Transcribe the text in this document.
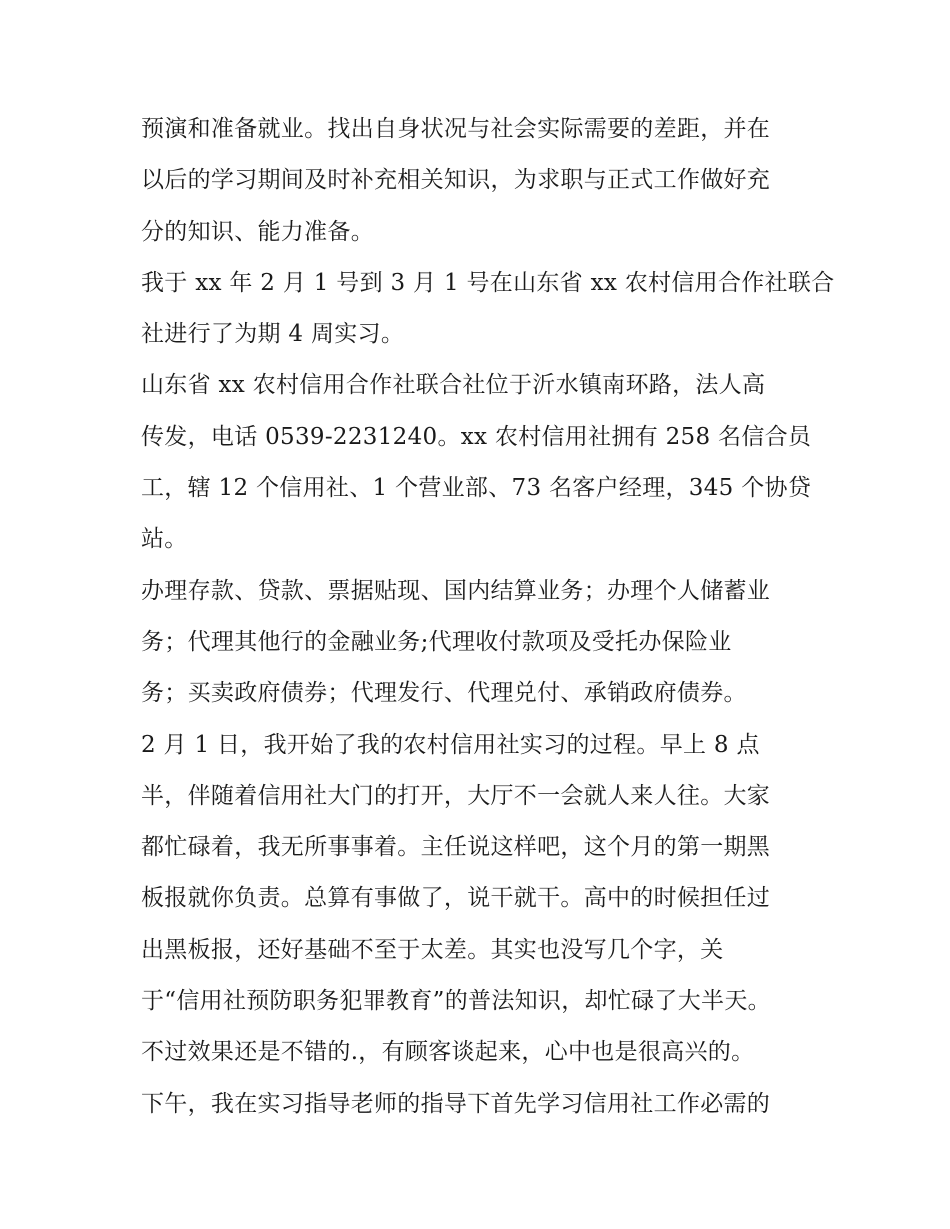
预演和准备就业。找出自身状况与社会实际需要的差距，并在
以后的学习期间及时补充相关知识，为求职与正式工作做好充
分的知识、能力准备。
我于 xx 年 2 月 1 号到 3 月 1 号在山东省 xx 农村信用合作社联合
社进行了为期 4 周实习。
山东省 xx 农村信用合作社联合社位于沂水镇南环路，法人高
传发，电话 0539-2231240。xx 农村信用社拥有 258 名信合员
工，辖 12 个信用社、1 个营业部、73 名客户经理，345 个协贷
站。
办理存款、贷款、票据贴现、国内结算业务；办理个人储蓄业
务；代理其他行的金融业务;代理收付款项及受托办保险业
务；买卖政府债券；代理发行、代理兑付、承销政府债券。
2 月 1 日，我开始了我的农村信用社实习的过程。早上 8 点
半，伴随着信用社大门的打开，大厅不一会就人来人往。大家
都忙碌着，我无所事事着。主任说这样吧，这个月的第一期黑
板报就你负责。总算有事做了，说干就干。高中的时候担任过
出黑板报，还好基础不至于太差。其实也没写几个字，关
于“信用社预防职务犯罪教育”的普法知识，却忙碌了大半天。
不过效果还是不错的.，有顾客谈起来，心中也是很高兴的。
下午，我在实习指导老师的指导下首先学习信用社工作必需的
